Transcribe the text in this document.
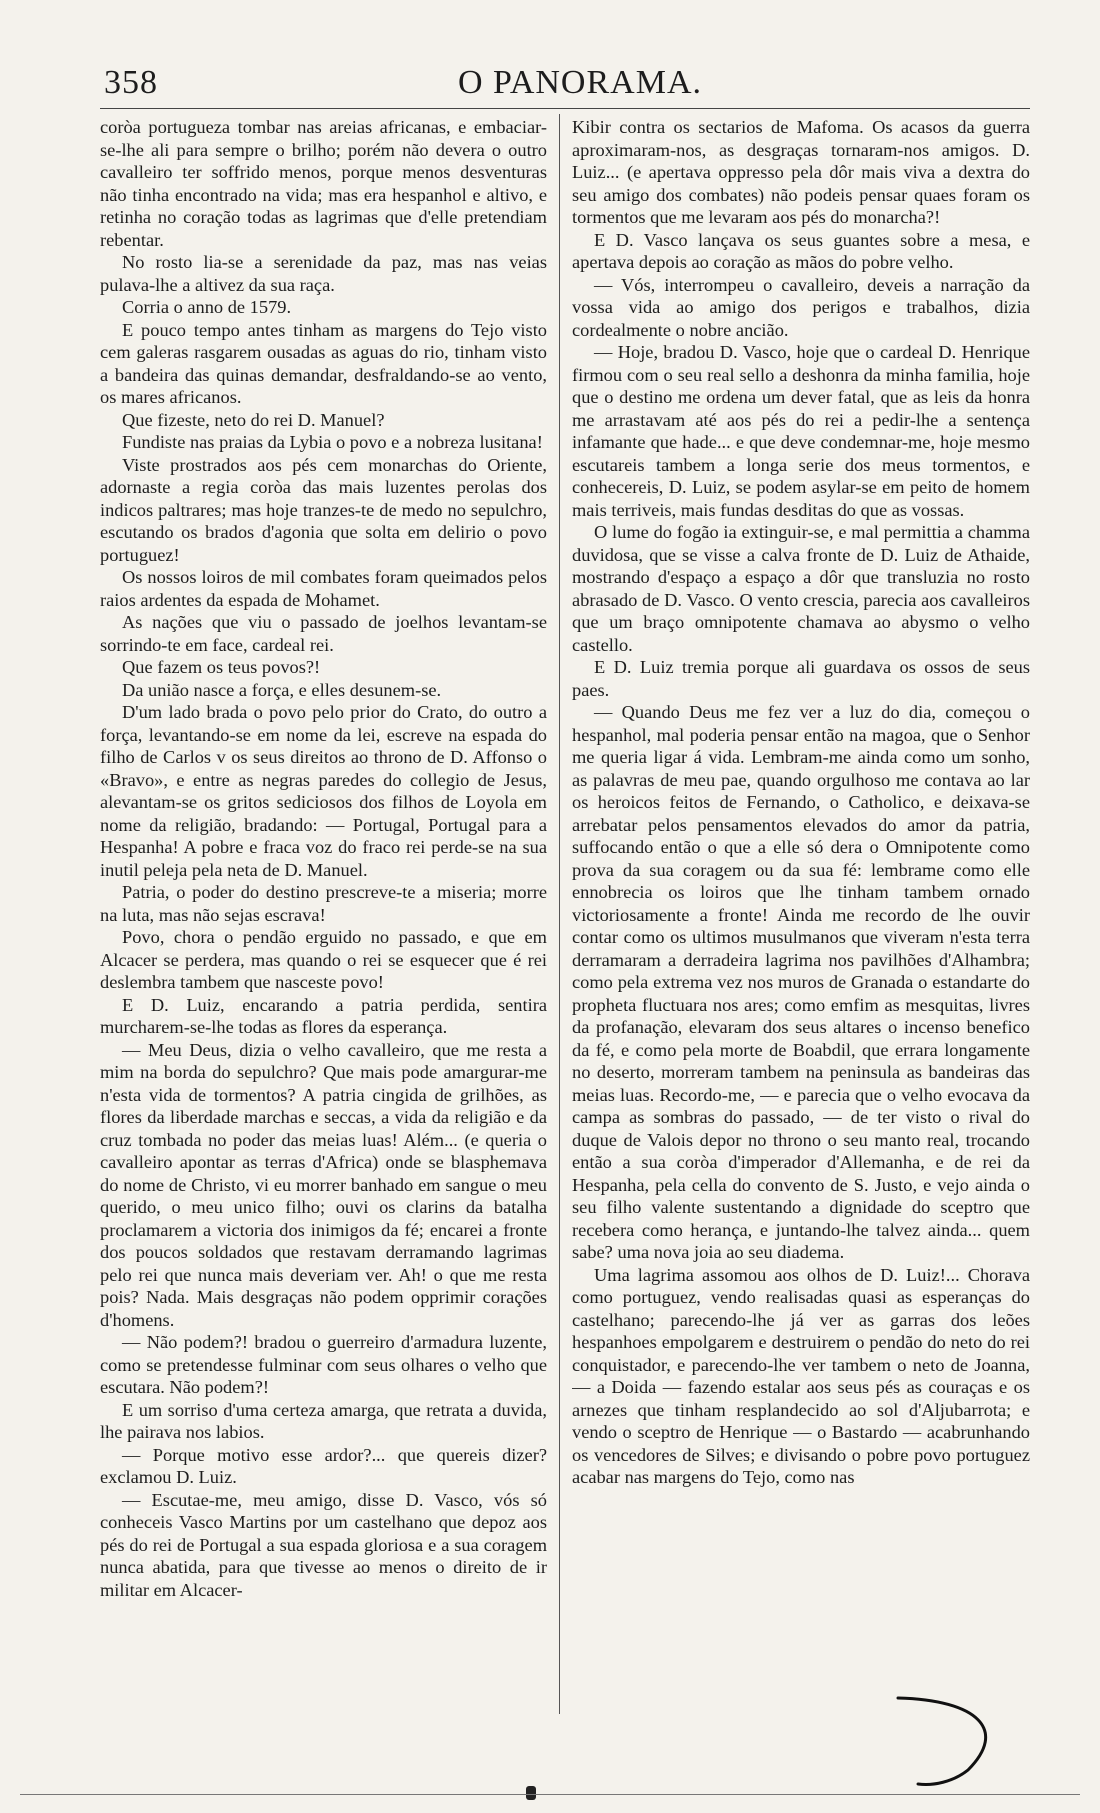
358	O PANORAMA.

coròa portugueza tombar nas areias africanas, e embaciar-se-lhe ali para sempre o brilho; porém não devera o outro cavalleiro ter soffrido menos, porque menos desventuras não tinha encontrado na vida; mas era hespanhol e altivo, e retinha no coração todas as lagrimas que d'elle pretendiam rebentar.

No rosto lia-se a serenidade da paz, mas nas veias pulava-lhe a altivez da sua raça.

Corria o anno de 1579.

E pouco tempo antes tinham as margens do Tejo visto cem galeras rasgarem ousadas as aguas do rio, tinham visto a bandeira das quinas demandar, desfraldando-se ao vento, os mares africanos.

Que fizeste, neto do rei D. Manuel?

Fundiste nas praias da Lybia o povo e a nobreza lusitana!

Viste prostrados aos pés cem monarchas do Oriente, adornaste a regia coròa das mais luzentes perolas dos indicos paltrares; mas hoje tranzes-te de medo no sepulchro, escutando os brados d'agonia que solta em delirio o povo portuguez!

Os nossos loiros de mil combates foram queimados pelos raios ardentes da espada de Mohamet.

As nações que viu o passado de joelhos levantam-se sorrindo-te em face, cardeal rei.

Que fazem os teus povos?!

Da união nasce a força, e elles desunem-se.

D'um lado brada o povo pelo prior do Crato, do outro a força, levantando-se em nome da lei, escreve na espada do filho de Carlos v os seus direitos ao throno de D. Affonso o «Bravo», e entre as negras paredes do collegio de Jesus, alevantam-se os gritos sediciosos dos filhos de Loyola em nome da religião, bradando: — Portugal, Portugal para a Hespanha! A pobre e fraca voz do fraco rei perde-se na sua inutil peleja pela neta de D. Manuel.

Patria, o poder do destino prescreve-te a miseria; morre na luta, mas não sejas escrava!

Povo, chora o pendão erguido no passado, e que em Alcacer se perdera, mas quando o rei se esquecer que é rei deslembra tambem que nasceste povo!

E D. Luiz, encarando a patria perdida, sentira murcharem-se-lhe todas as flores da esperança.

— Meu Deus, dizia o velho cavalleiro, que me resta a mim na borda do sepulchro? Que mais pode amargurar-me n'esta vida de tormentos? A patria cingida de grilhões, as flores da liberdade marchas e seccas, a vida da religião e da cruz tombada no poder das meias luas! Além... (e queria o cavalleiro apontar as terras d'Africa) onde se blasphemava do nome de Christo, vi eu morrer banhado em sangue o meu querido, o meu unico filho; ouvi os clarins da batalha proclamarem a victoria dos inimigos da fé; encarei a fronte dos poucos soldados que restavam derramando lagrimas pelo rei que nunca mais deveriam ver. Ah! o que me resta pois? Nada. Mais desgraças não podem opprimir corações d'homens.

— Não podem?! bradou o guerreiro d'armadura luzente, como se pretendesse fulminar com seus olhares o velho que escutara. Não podem?!

E um sorriso d'uma certeza amarga, que retrata a duvida, lhe pairava nos labios.

— Porque motivo esse ardor?... que quereis dizer? exclamou D. Luiz.

— Escutae-me, meu amigo, disse D. Vasco, vós só conheceis Vasco Martins por um castelhano que depoz aos pés do rei de Portugal a sua espada gloriosa e a sua coragem nunca abatida, para que tivesse ao menos o direito de ir militar em Alcacer-

Kibir contra os sectarios de Mafoma. Os acasos da guerra aproximaram-nos, as desgraças tornaram-nos amigos. D. Luiz... (e apertava oppresso pela dôr mais viva a dextra do seu amigo dos combates) não podeis pensar quaes foram os tormentos que me levaram aos pés do monarcha?!

E D. Vasco lançava os seus guantes sobre a mesa, e apertava depois ao coração as mãos do pobre velho.

— Vós, interrompeu o cavalleiro, deveis a narração da vossa vida ao amigo dos perigos e trabalhos, dizia cordealmente o nobre ancião.

— Hoje, bradou D. Vasco, hoje que o cardeal D. Henrique firmou com o seu real sello a deshonra da minha familia, hoje que o destino me ordena um dever fatal, que as leis da honra me arrastavam até aos pés do rei a pedir-lhe a sentença infamante que hade... e que deve condemnar-me, hoje mesmo escutareis tambem a longa serie dos meus tormentos, e conhecereis, D. Luiz, se podem asylar-se em peito de homem mais terriveis, mais fundas desditas do que as vossas.

O lume do fogão ia extinguir-se, e mal permittia a chamma duvidosa, que se visse a calva fronte de D. Luiz de Athaide, mostrando d'espaço a espaço a dôr que transluzia no rosto abrasado de D. Vasco. O vento crescia, parecia aos cavalleiros que um braço omnipotente chamava ao abysmo o velho castello.

E D. Luiz tremia porque ali guardava os ossos de seus paes.

— Quando Deus me fez ver a luz do dia, começou o hespanhol, mal poderia pensar então na magoa, que o Senhor me queria ligar á vida. Lembram-me ainda como um sonho, as palavras de meu pae, quando orgulhoso me contava ao lar os heroicos feitos de Fernando, o Catholico, e deixava-se arrebatar pelos pensamentos elevados do amor da patria, suffocando então o que a elle só dera o Omnipotente como prova da sua coragem ou da sua fé: lembrame como elle ennobrecia os loiros que lhe tinham tambem ornado victoriosamente a fronte! Ainda me recordo de lhe ouvir contar como os ultimos musulmanos que viveram n'esta terra derramaram a derradeira lagrima nos pavilhões d'Alhambra; como pela extrema vez nos muros de Granada o estandarte do propheta fluctuara nos ares; como emfim as mesquitas, livres da profanação, elevaram dos seus altares o incenso benefico da fé, e como pela morte de Boabdil, que errara longamente no deserto, morreram tambem na peninsula as bandeiras das meias luas. Recordo-me, — e parecia que o velho evocava da campa as sombras do passado, — de ter visto o rival do duque de Valois depor no throno o seu manto real, trocando então a sua coròa d'imperador d'Allemanha, e de rei da Hespanha, pela cella do convento de S. Justo, e vejo ainda o seu filho valente sustentando a dignidade do sceptro que recebera como herança, e juntando-lhe talvez ainda... quem sabe? uma nova joia ao seu diadema.

Uma lagrima assomou aos olhos de D. Luiz!... Chorava como portuguez, vendo realisadas quasi as esperanças do castelhano; parecendo-lhe já ver as garras dos leões hespanhoes empolgarem e destruirem o pendão do neto do rei conquistador, e parecendo-lhe ver tambem o neto de Joanna, — a Doida — fazendo estalar aos seus pés as couraças e os arnezes que tinham resplandecido ao sol d'Aljubarrota; e vendo o sceptro de Henrique — o Bastardo — acabrunhando os vencedores de Silves; e divisando o pobre povo portuguez acabar nas margens do Tejo, como nas
